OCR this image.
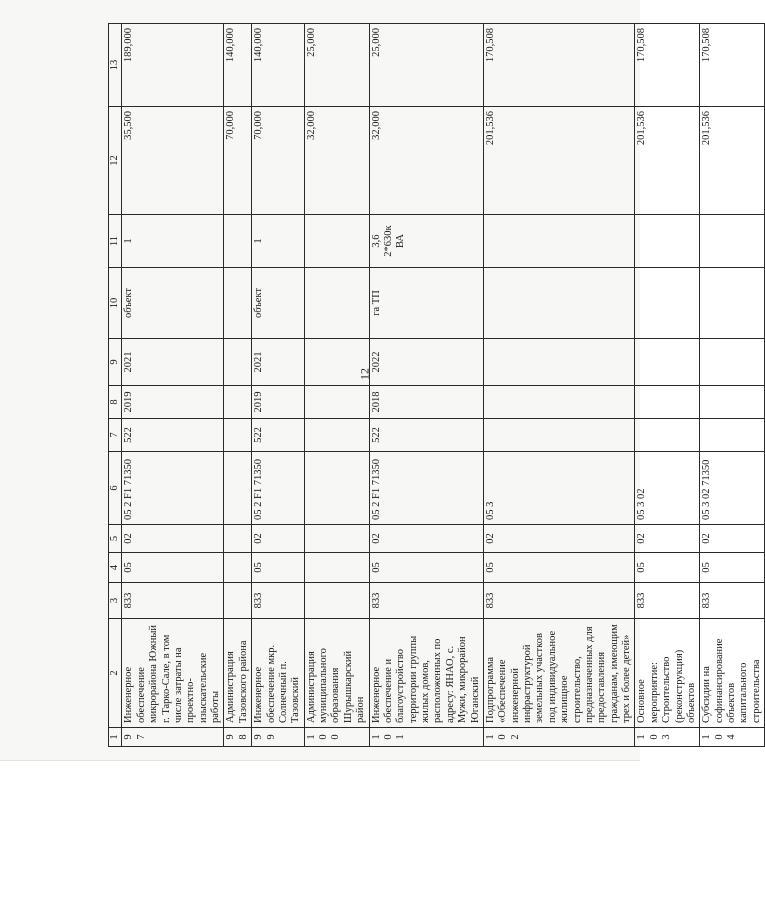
12
1	2	3	4	5	6	7	8	9	10	11	12	13
97	Инженерное обеспечение микрорайона Южный г. Тарко-Сале, в том числе затраты на проектно-изыскательские работы	833	05	02	05 2 F1 71350	522	2019	2021	объект	1	35,500	189,000
98	Администрация Тазовского района										70,000	140,000
99	Инженерное обеспечение мкр. Солнечный п. Тазовский	833	05	02	05 2 F1 71350	522	2019	2021	объект	1	70,000	140,000
100	Администрация муниципального образования Шурышкарский район										32,000	25,000
101	Инженерное обеспечение и благоустройство территории группы жилых домов, расположенных по адресу: ЯНАО, с. Мужи, микрорайон Юганский	833	05	02	05 2 F1 71350	522	2018	2022	га ТП	3,6 2*630к ВА	32,000	25,000
102	Подпрограмма «Обеспечение инженерной инфраструктурой земельных участков под индивидуальное жилищное строительство, предназначенных для предоставления гражданам, имеющим трех и более детей»	833	05	02	05 3						201,536	170,508
103	Основное мероприятие: Строительство (реконструкция) объектов	833	05	02	05 3 02						201,536	170,508
104	Субсидии на софинансирование объектов капитального строительства	833	05	02	05 3 02 71350						201,536	170,508
